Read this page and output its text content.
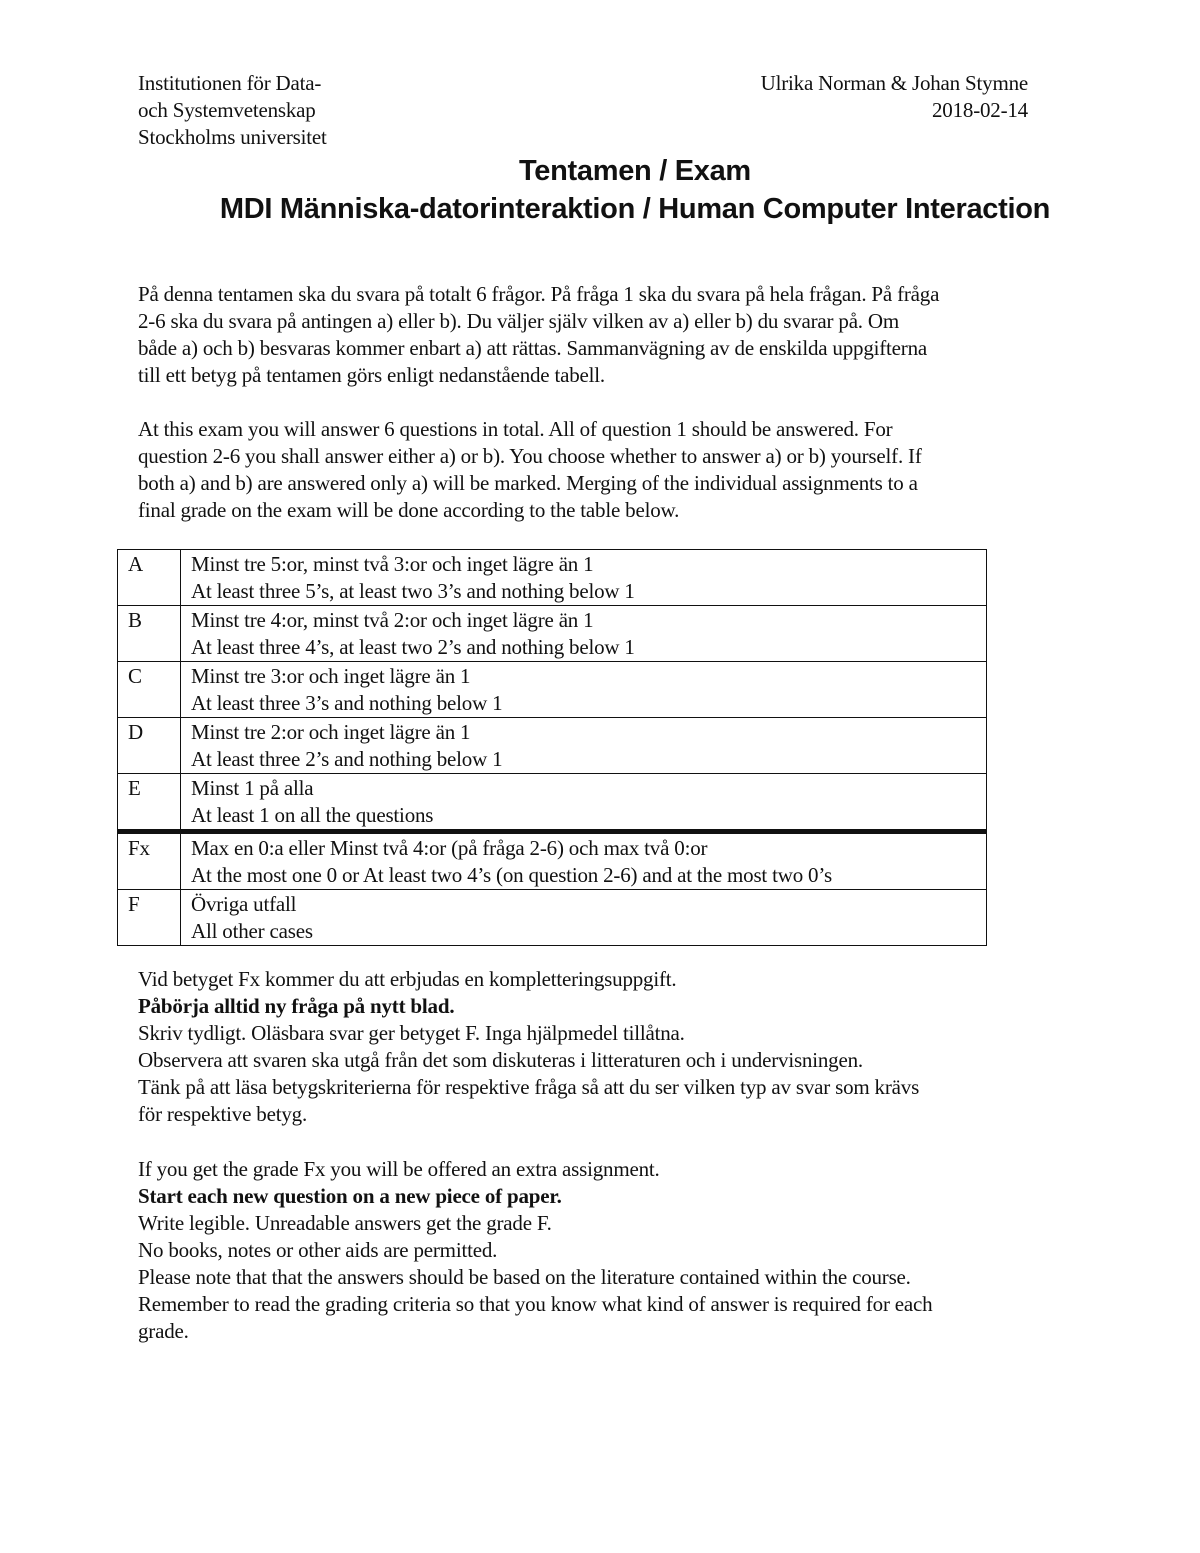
Institutionen för Data-
och Systemvetenskap
Stockholms universitet
Ulrika Norman & Johan Stymne
2018-02-14
Tentamen / Exam
MDI Människa-datorinteraktion / Human Computer Interaction
På denna tentamen ska du svara på totalt 6 frågor. På fråga 1 ska du svara på hela frågan. På fråga
2-6 ska du svara på antingen a) eller b). Du väljer själv vilken av a) eller b) du svarar på. Om
både a) och b) besvaras kommer enbart a) att rättas. Sammanvägning av de enskilda uppgifterna
till ett betyg på tentamen görs enligt nedanstående tabell.
At this exam you will answer 6 questions in total. All of question 1 should be answered. For
question 2-6 you shall answer either a) or b). You choose whether to answer a) or b) yourself. If
both a) and b) are answered only a) will be marked. Merging of the individual assignments to a
final grade on the exam will be done according to the table below.
A	Minst tre 5:or, minst två 3:or och inget lägre än 1
At least three 5’s, at least two 3’s and nothing below 1

B	Minst tre 4:or, minst två 2:or och inget lägre än 1
At least three 4’s, at least two 2’s and nothing below 1

C	Minst tre 3:or och inget lägre än 1
At least three 3’s and nothing below 1

D	Minst tre 2:or och inget lägre än 1
At least three 2’s and nothing below 1

E	Minst 1 på alla
At least 1 on all the questions

Fx	Max en 0:a eller Minst två 4:or (på fråga 2-6) och max två 0:or
At the most one 0 or At least two 4’s (on question 2-6) and at the most two 0’s

F	Övriga utfall
All other cases
Vid betyget Fx kommer du att erbjudas en kompletteringsuppgift.
Påbörja alltid ny fråga på nytt blad.
Skriv tydligt. Oläsbara svar ger betyget F. Inga hjälpmedel tillåtna.
Observera att svaren ska utgå från det som diskuteras i litteraturen och i undervisningen.
Tänk på att läsa betygskriterierna för respektive fråga så att du ser vilken typ av svar som krävs
för respektive betyg.
If you get the grade Fx you will be offered an extra assignment.
Start each new question on a new piece of paper.
Write legible. Unreadable answers get the grade F.
No books, notes or other aids are permitted.
Please note that that the answers should be based on the literature contained within the course.
Remember to read the grading criteria so that you know what kind of answer is required for each
grade.
